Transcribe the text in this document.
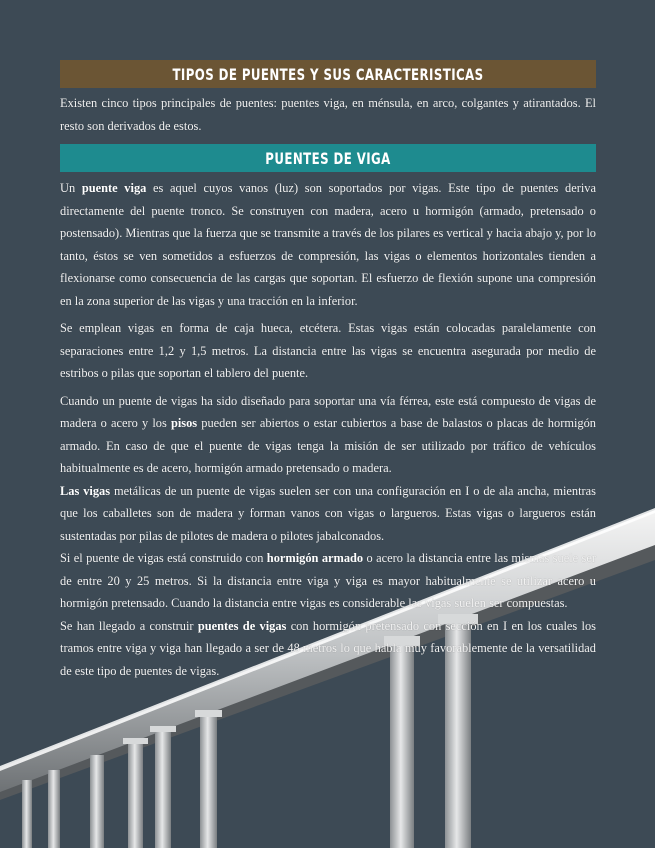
TIPOS DE PUENTES Y SUS CARACTERISTICAS

Existen cinco tipos principales de puentes: puentes viga, en ménsula, en arco, colgantes y atirantados. El resto son derivados de estos.

PUENTES DE VIGA

Un puente viga es aquel cuyos vanos (luz) son soportados por vigas. Este tipo de puentes deriva directamente del puente tronco. Se construyen con madera, acero u hormigón (armado, pretensado o postensado). Mientras que la fuerza que se transmite a través de los pilares es vertical y hacia abajo y, por lo tanto, éstos se ven sometidos a esfuerzos de compresión, las vigas o elementos horizontales tienden a flexionarse como consecuencia de las cargas que soportan. El esfuerzo de flexión supone una compresión en la zona superior de las vigas y una tracción en la inferior.

Se emplean vigas en forma de caja hueca, etcétera. Estas vigas están colocadas paralelamente con separaciones entre 1,2 y 1,5 metros. La distancia entre las vigas se encuentra asegurada por medio de estribos o pilas que soportan el tablero del puente.

Cuando un puente de vigas ha sido diseñado para soportar una vía férrea, este está compuesto de vigas de madera o acero y los pisos pueden ser abiertos o estar cubiertos a base de balastos o placas de hormigón armado. En caso de que el puente de vigas tenga la misión de ser utilizado por tráfico de vehículos habitualmente es de acero, hormigón armado pretensado o madera.

Las vigas metálicas de un puente de vigas suelen ser con una configuración en I o de ala ancha, mientras que los caballetes son de madera y forman vanos con vigas o largueros. Estas vigas o largueros están sustentadas por pilas de pilotes de madera o pilotes jabalconados.

Si el puente de vigas está construido con hormigón armado o acero la distancia entre las mismas suele ser de entre 20 y 25 metros. Si la distancia entre viga y viga es mayor habitualmente se utilizar acero u hormigón pretensado. Cuando la distancia entre vigas es considerable las vigas suelen ser compuestas.

Se han llegado a construir puentes de vigas con hormigón pretensado con sección en I en los cuales los tramos entre viga y viga han llegado a ser de 48 metros lo que habla muy favorablemente de la versatilidad de este tipo de puentes de vigas.
